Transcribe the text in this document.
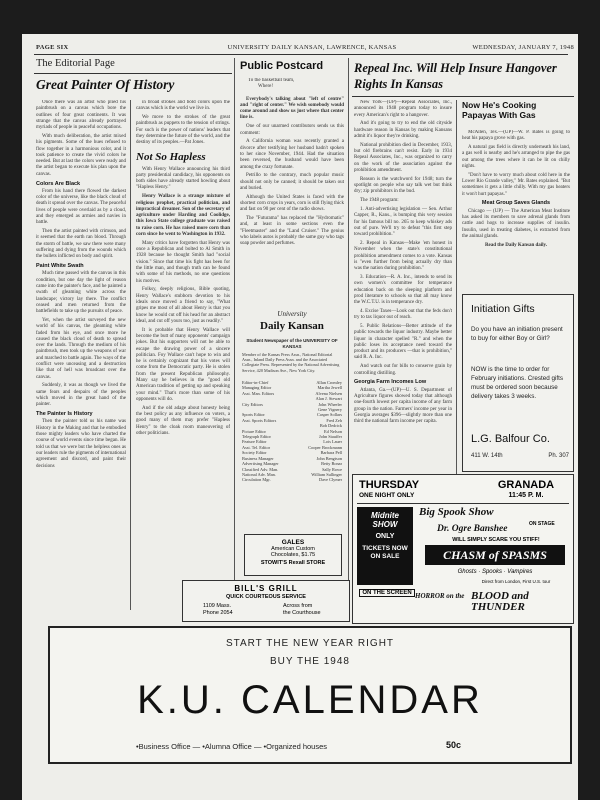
PAGE SIX	UNIVERSITY DAILY KANSAN, LAWRENCE, KANSAS	WEDNESDAY, JANUARY 7, 1948
The Editorial Page
Great Painter Of History

Once there was an artist who plied his paintbrush on a canvas which bore the outlines of four great continents. It was strange that the canvas already portrayed myriads of people in peaceful occupations.

With much deliberation, the artist mixed his pigments. Some of the hues refused to flow together in a harmonious color, and it took patience to create the vivid colors he needed. But at last the colors were ready and the artist began to execute his plan upon the canvas.

Colors Are Black

From his hand there flowed the darkest color of the universe, like the black cloud of death it spread over the canvas. The peaceful lives of people were overlaid as by a cloud, and they emerged as armies and navies in battle.

Then the artist painted with crimson, and it seemed that the earth ran blood. Through the storm of battle, we saw there were many suffering and dying from the wounds which the bullets inflicted on body and spirit.

Paint White Swath

Much time passed with the canvas in this condition, but one day the light of reason came into the painter's face, and he painted a swath of gleaming white across the landscape; victory lay there. The conflict ceased and men returned from the battlefields to take up the pursuits of peace.

Yet, when the artist surveyed the new world of his canvas, the gleaming white faded from his eye, and once more he caused the black cloud of death to spread over the lands. Through the medium of his paintbrush, men took up the weapons of war and marched to battle again. The ways of the conflict were unceasing and a destruction like that of hell was broadcast over the canvas.

Suddenly, it was as though we lived the same fears and despairs of the peoples which moved in the great hand of the painter.

The Painter Is History

Then the painter told us his name was History in the Making and that he embodied those mighty leaders who have charted the course of world events since time began. He told us that we were but the helpless ones as our leaders rule the pigments of international agreement and discord, and paint their decisions

in broad strokes and bold colors upon the canvas which is the world we live in.

We move to the strokes of the great paintbrush as puppets to the tension of strings. For such is the power of nations' leaders that they determine the future of the world, and the destiny of its peoples.—Pat Jones.

Not So Hapless

With Henry Wallace announcing his third party presidential candidacy, his opponents on both sides have already started howling about "Hapless Henry."

Henry Wallace is a strange mixture of religious prophet, practical politician, and impractical dreamer. Son of the secretary of agriculture under Harding and Coolidge, this Iowa State college graduate was raised to raise corn. He has raised more corn than corn since he went to Washington in 1932.

Many critics have forgotten that Henry was once a Republican and bolted to Al Smith in 1928 because he thought Smith had "social vision." Since that time his fight has been for the little man, and though truth can be found with some of his methods, no one questions his motives.

Folksy, deeply religious, Bible quoting, Henry Wallace's stubborn devotion to his ideals once moved a friend to say, "What gripes me most of all about Henry is that you know he would cut off his head for an abstract ideal, and cut off yours too, just as readily."

It is probable that Henry Wallace will become the butt of many opponents' campaign jokes. But his supporters will not be able to escape the drawing power of a sincere politician. Foy Wallace can't hope to win and he is certainly cognizant that his votes will come from the Democratic party. He is stolen from the present Republican philosophy. Many say he believes in the "good old American tradition of getting up and speaking your mind." That's more than some of his opponents will do.

And if the old adage about honesty being the best policy as any influence on voters, a good many of them may prefer "Hapless Henry" to the cloak room maneuvering of other politicians.

Public Postcard
To the basketball team,
Where!

Everybody's talking about "left of centre" and "right of center." We wish somebody would come around and show us just where that center line is.

One of our unarmed contributors sends us this comment:

A California woman was recently granted a divorce after testifying her husband hadn't spoken to her since November, 1944. Had the situation been reversed, the husband would have been among the crazy fortunate.

Petrillo to the contrary, much popular music should not only be canned; it should be taken out and buried.

Although the United States is faced with the shortest corn crops in years, corn is still flying thick and fast on 90 per cent of the radio shows.

The "Futurama" has replaced the "Hydromatic" and, at least in some sections even the "Fleetmaster" and the "Land Cruiser." The genius who labels autos is probably the same guy who tags soap powder and perfumes.

University
Daily Kansan
Student Newspaper of the UNIVERSITY OF KANSAS
Member of the Kansas Press Assn., National Editorial Assn., Inland Daily Press Assn. and the Associated Collegiate Press. Represented by the National Advertising Service, 420 Madison Ave., New York City.
Editor-in-Chief	Allan Cromley
Managing Editor	Martha Jewell
Asst. Man. Editors	Alvena Nielsen
Alan J. Stewart
City Editors	John Wheeler
Gene Vignery
Sports Editor	Casper Sollars
Asst. Sports Editors	Fred Zeh
Bob Dedrick
Picture Editor	Ed Nelson
Telegraph Editor	John Stauffer
Feature Editor	Lois Lauer
Asst. Tel. Editor	Cooper Brockmann
Society Editor	Barbara Pell
Business Manager	John Bengtson
Advertising Manager	Betty Bonar
Classified Adv. Man.	Sally Rowe
National Adv. Man.	William Sullinger
Circulation Mgr.	Dave Clymer
GALES
American Custom
Chocolates, $1.75
STOWIT'S Rexall STORE
BILL'S GRILL
QUICK COURTEOUS SERVICE
1109 Mass.
Phone 2054
Across from
the Courthouse
Repeal Inc. Will Help Insure Hangover Rights In Kansas

New York—(UP)—Repeal Associates, Inc., announced its 1948 program today to insure every American's right to a hangover.

And it's going to try to end the old cityside hardware reason in Kansas by making Kansans admit it's liquor they're drinking.

National prohibition died in December, 1933, but old firebrains can't resist. Early in 1934 Repeal Associates, Inc., was organized to carry on the work of the association against the prohibition amendment.

Reason is the watchword for 1948; turn the spotlight on people who say talk wet but think dry; zip prohibitors in the bud.

The 1948 program:

1. Anti-advertising legislation — Sen. Arthur Capper, R., Kans., is bumping this very session for his famous bill no. 265 to keep whiskey ads out of pure. We'll try to defeat "this first step toward prohibition."

2. Repeal in Kansas—Make 'em honest in November when the state's constitutional prohibition amendment comes to a vote. Kansas is "even further from being actually dry than was the nation during prohibition."

3. Education—R. A. Inc., intends to send its own women's committee for temperance education back on the sleeping platform and prod literature to schools so that all may know the W.C.T.U. is in temperance dry.

4. Excise Taxes—Look out that the feds don't try to tax liquor out of reach.

5. Public Relations—Better attitude of the public towards the liquor industry. Maybe better liquor in character spelled "R." and when the public loses its acceptance need toward the product and its producers —that is prohibition," said R. A. Inc.

And watch out for bills to conserve grain by controlling distilling.

Georgia Farm Incomes Low

Atlanta, Ga.—(UP)—U. S. Department of Agriculture figures showed today that although one-fourth lowest per capita income of any farm group in the nation. Farmers' income per year in Georgia averages $396—slightly more than one third the national farm income per capita.

Now He's Cooking Papayas With Gas

McAllen, Tex.—(UP)—W. P. Bates is going to heat his papaya grove with gas.

A natural gas field is directly underneath his land, a gas well is nearby and he's arranged to pipe the gas out among the trees where it can be lit on chilly nights.

"Don't have to worry much about cold here in the Lower Rio Grande valley," Mr. Bates explained. "But sometimes it gets a little chilly. With my gas heaters it won't hurt papayas."

Meat Group Saves Glands

Chicago — (UP) — The American Meat Institute has asked its members to save adrenal glands from cattle and hogs to increase supplies of insulin. Insulin, used in treating diabetes, is extracted from the animal glands.

Read the Daily Kansan daily.
Initiation Gifts
Do you have an initiation present to buy for either Boy or Girl?
NOW is the time to order for February initiations. Crested gifts must be ordered soon because delivery takes 3 weeks.
L.G. Balfour Co.
411 W. 14th	Ph. 307
THURSDAY
ONE NIGHT ONLY
GRANADA
11:45 P. M.
Midnite SHOW
ONLY
TICKETS NOW ON SALE
ON THE SCREEN
Big Spook Show
ON STAGE
Dr. Ogre Banshee
WILL SIMPLY SCARE YOU STIFF!
CHASM of SPASMS
Ghosts · Spooks · Vampires
Direct from London, First U.S. tour
HORROR on the BLOOD and THUNDER
START THE NEW YEAR RIGHT
BUY THE 1948
K.U. CALENDAR
•Business Office — •Alumna Office — •Organized houses	50c
